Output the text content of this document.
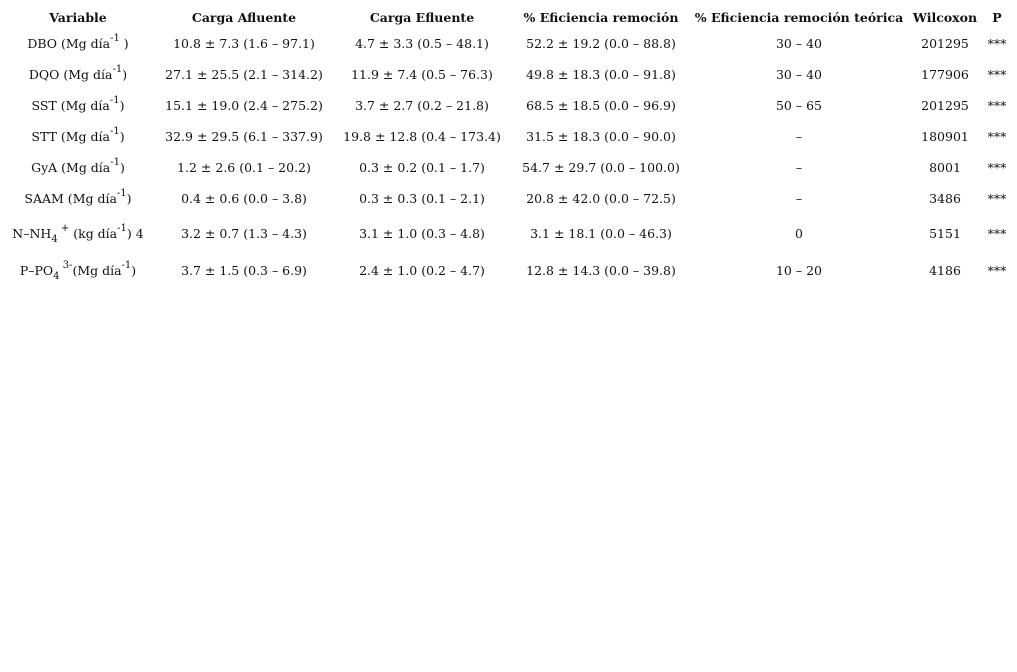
Variable	Carga Afluente	Carga Efluente	% Eficiencia remoción	% Eficiencia remoción teórica	Wilcoxon	P
DBO (Mg día$^{-1}$ )	10.8 ± 7.3 (1.6 – 97.1)	4.7 ± 3.3 (0.5 – 48.1)	52.2 ± 19.2 (0.0 – 88.8)	30 – 40	201295	***
DQO (Mg día$^{-1}$)	27.1 ± 25.5 (2.1 – 314.2)	11.9 ± 7.4 (0.5 – 76.3)	49.8 ± 18.3 (0.0 – 91.8)	30 – 40	177906	***
SST (Mg día$^{-1}$)	15.1 ± 19.0 (2.4 – 275.2)	3.7 ± 2.7 (0.2 – 21.8)	68.5 ± 18.5 (0.0 – 96.9)	50 – 65	201295	***
STT (Mg día$^{-1}$)	32.9 ± 29.5 (6.1 – 337.9)	19.8 ± 12.8 (0.4 – 173.4)	31.5 ± 18.3 (0.0 – 90.0)	–	180901	***
GyA (Mg día$^{-1}$)	1.2 ± 2.6 (0.1 – 20.2)	0.3 ± 0.2 (0.1 – 1.7)	54.7 ± 29.7 (0.0 – 100.0)	–	8001	***
SAAM (Mg día$^{-1}$)	0.4 ± 0.6 (0.0 – 3.8)	0.3 ± 0.3 (0.1 – 2.1)	20.8 ± 42.0 (0.0 – 72.5)	–	3486	***
$N-NH_4$ + (kg día$^{-1}$) 4	3.2 ± 0.7 (1.3 – 4.3)	3.1 ± 1.0 (0.3 – 4.8)	3.1 ± 18.1 (0.0 – 46.3)	0	5151	***
$P-PO_4$ $^{3-}$(Mg día$^{-1}$)	3.7 ± 1.5 (0.3 – 6.9)	2.4 ± 1.0 (0.2 – 4.7)	12.8 ± 14.3 (0.0 – 39.8)	10 – 20	4186	***
